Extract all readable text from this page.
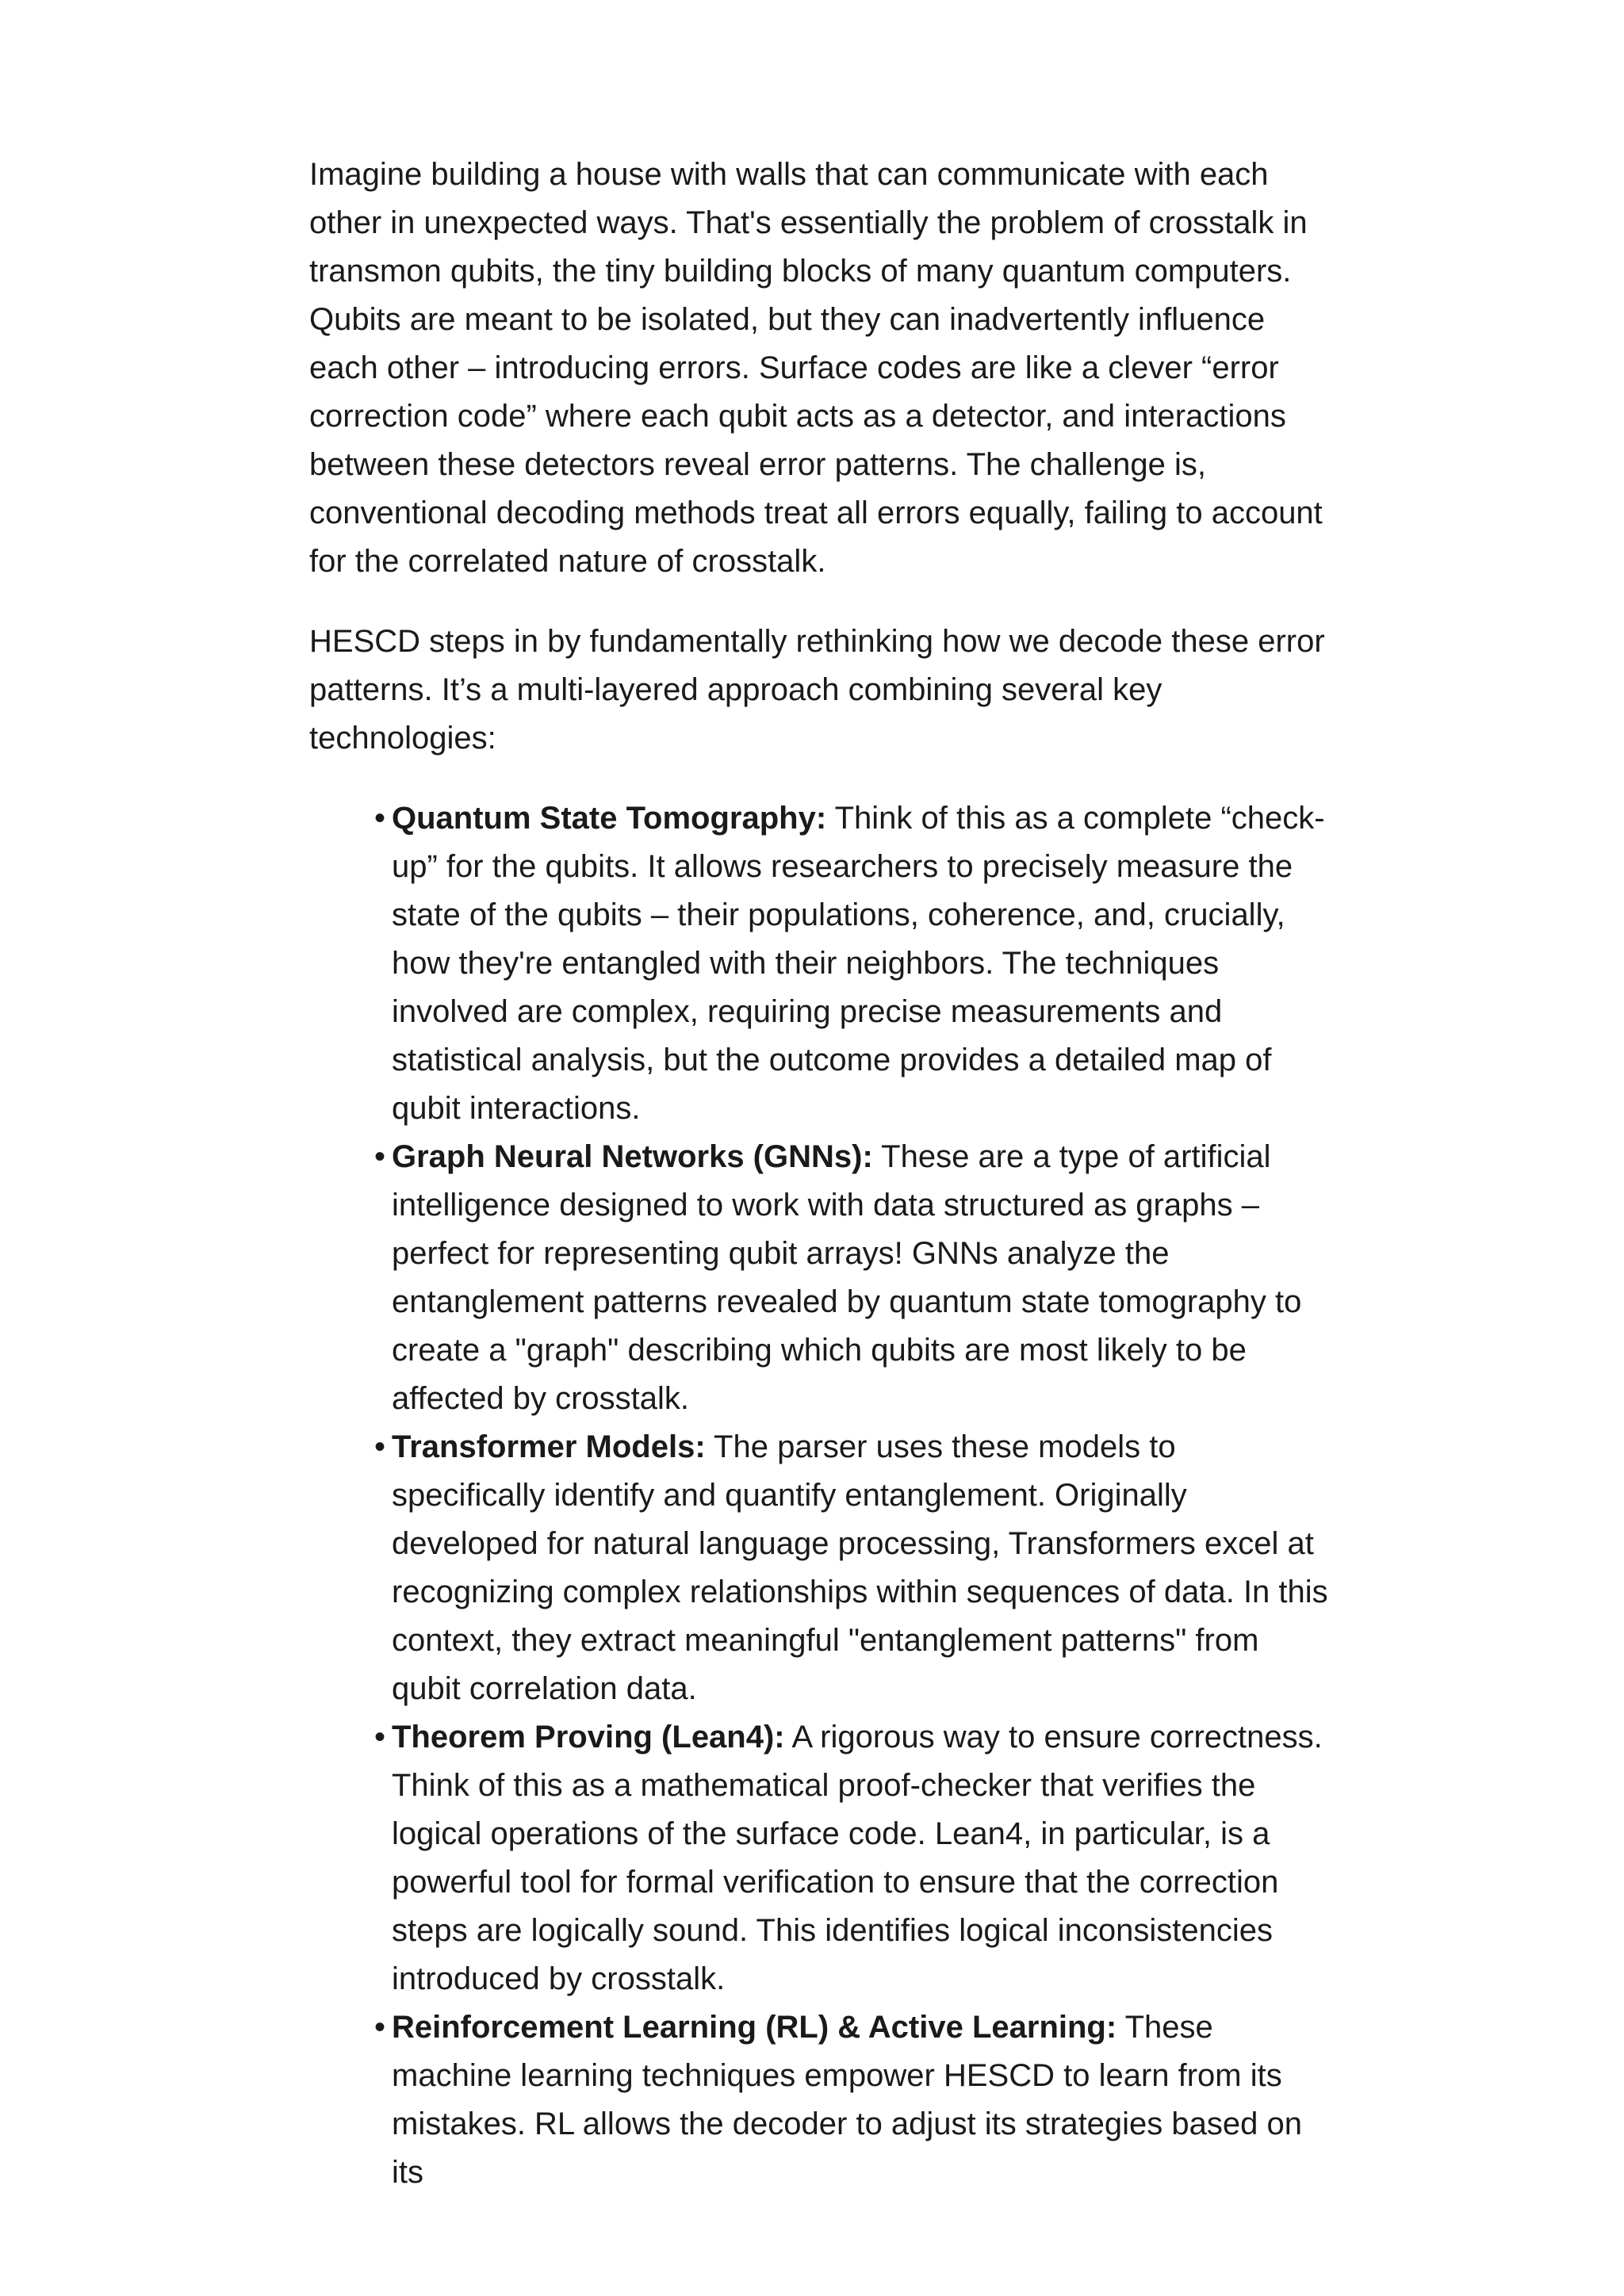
Imagine building a house with walls that can communicate with each other in unexpected ways. That's essentially the problem of crosstalk in transmon qubits, the tiny building blocks of many quantum computers. Qubits are meant to be isolated, but they can inadvertently influence each other – introducing errors. Surface codes are like a clever “error correction code” where each qubit acts as a detector, and interactions between these detectors reveal error patterns. The challenge is, conventional decoding methods treat all errors equally, failing to account for the correlated nature of crosstalk.

HESCD steps in by fundamentally rethinking how we decode these error patterns. It’s a multi-layered approach combining several key technologies:

• Quantum State Tomography: Think of this as a complete “check-up” for the qubits. It allows researchers to precisely measure the state of the qubits – their populations, coherence, and, crucially, how they're entangled with their neighbors. The techniques involved are complex, requiring precise measurements and statistical analysis, but the outcome provides a detailed map of qubit interactions.
• Graph Neural Networks (GNNs): These are a type of artificial intelligence designed to work with data structured as graphs – perfect for representing qubit arrays! GNNs analyze the entanglement patterns revealed by quantum state tomography to create a "graph" describing which qubits are most likely to be affected by crosstalk.
• Transformer Models: The parser uses these models to specifically identify and quantify entanglement. Originally developed for natural language processing, Transformers excel at recognizing complex relationships within sequences of data. In this context, they extract meaningful "entanglement patterns" from qubit correlation data.
• Theorem Proving (Lean4): A rigorous way to ensure correctness. Think of this as a mathematical proof-checker that verifies the logical operations of the surface code. Lean4, in particular, is a powerful tool for formal verification to ensure that the correction steps are logically sound. This identifies logical inconsistencies introduced by crosstalk.
• Reinforcement Learning (RL) & Active Learning: These machine learning techniques empower HESCD to learn from its mistakes. RL allows the decoder to adjust its strategies based on its
